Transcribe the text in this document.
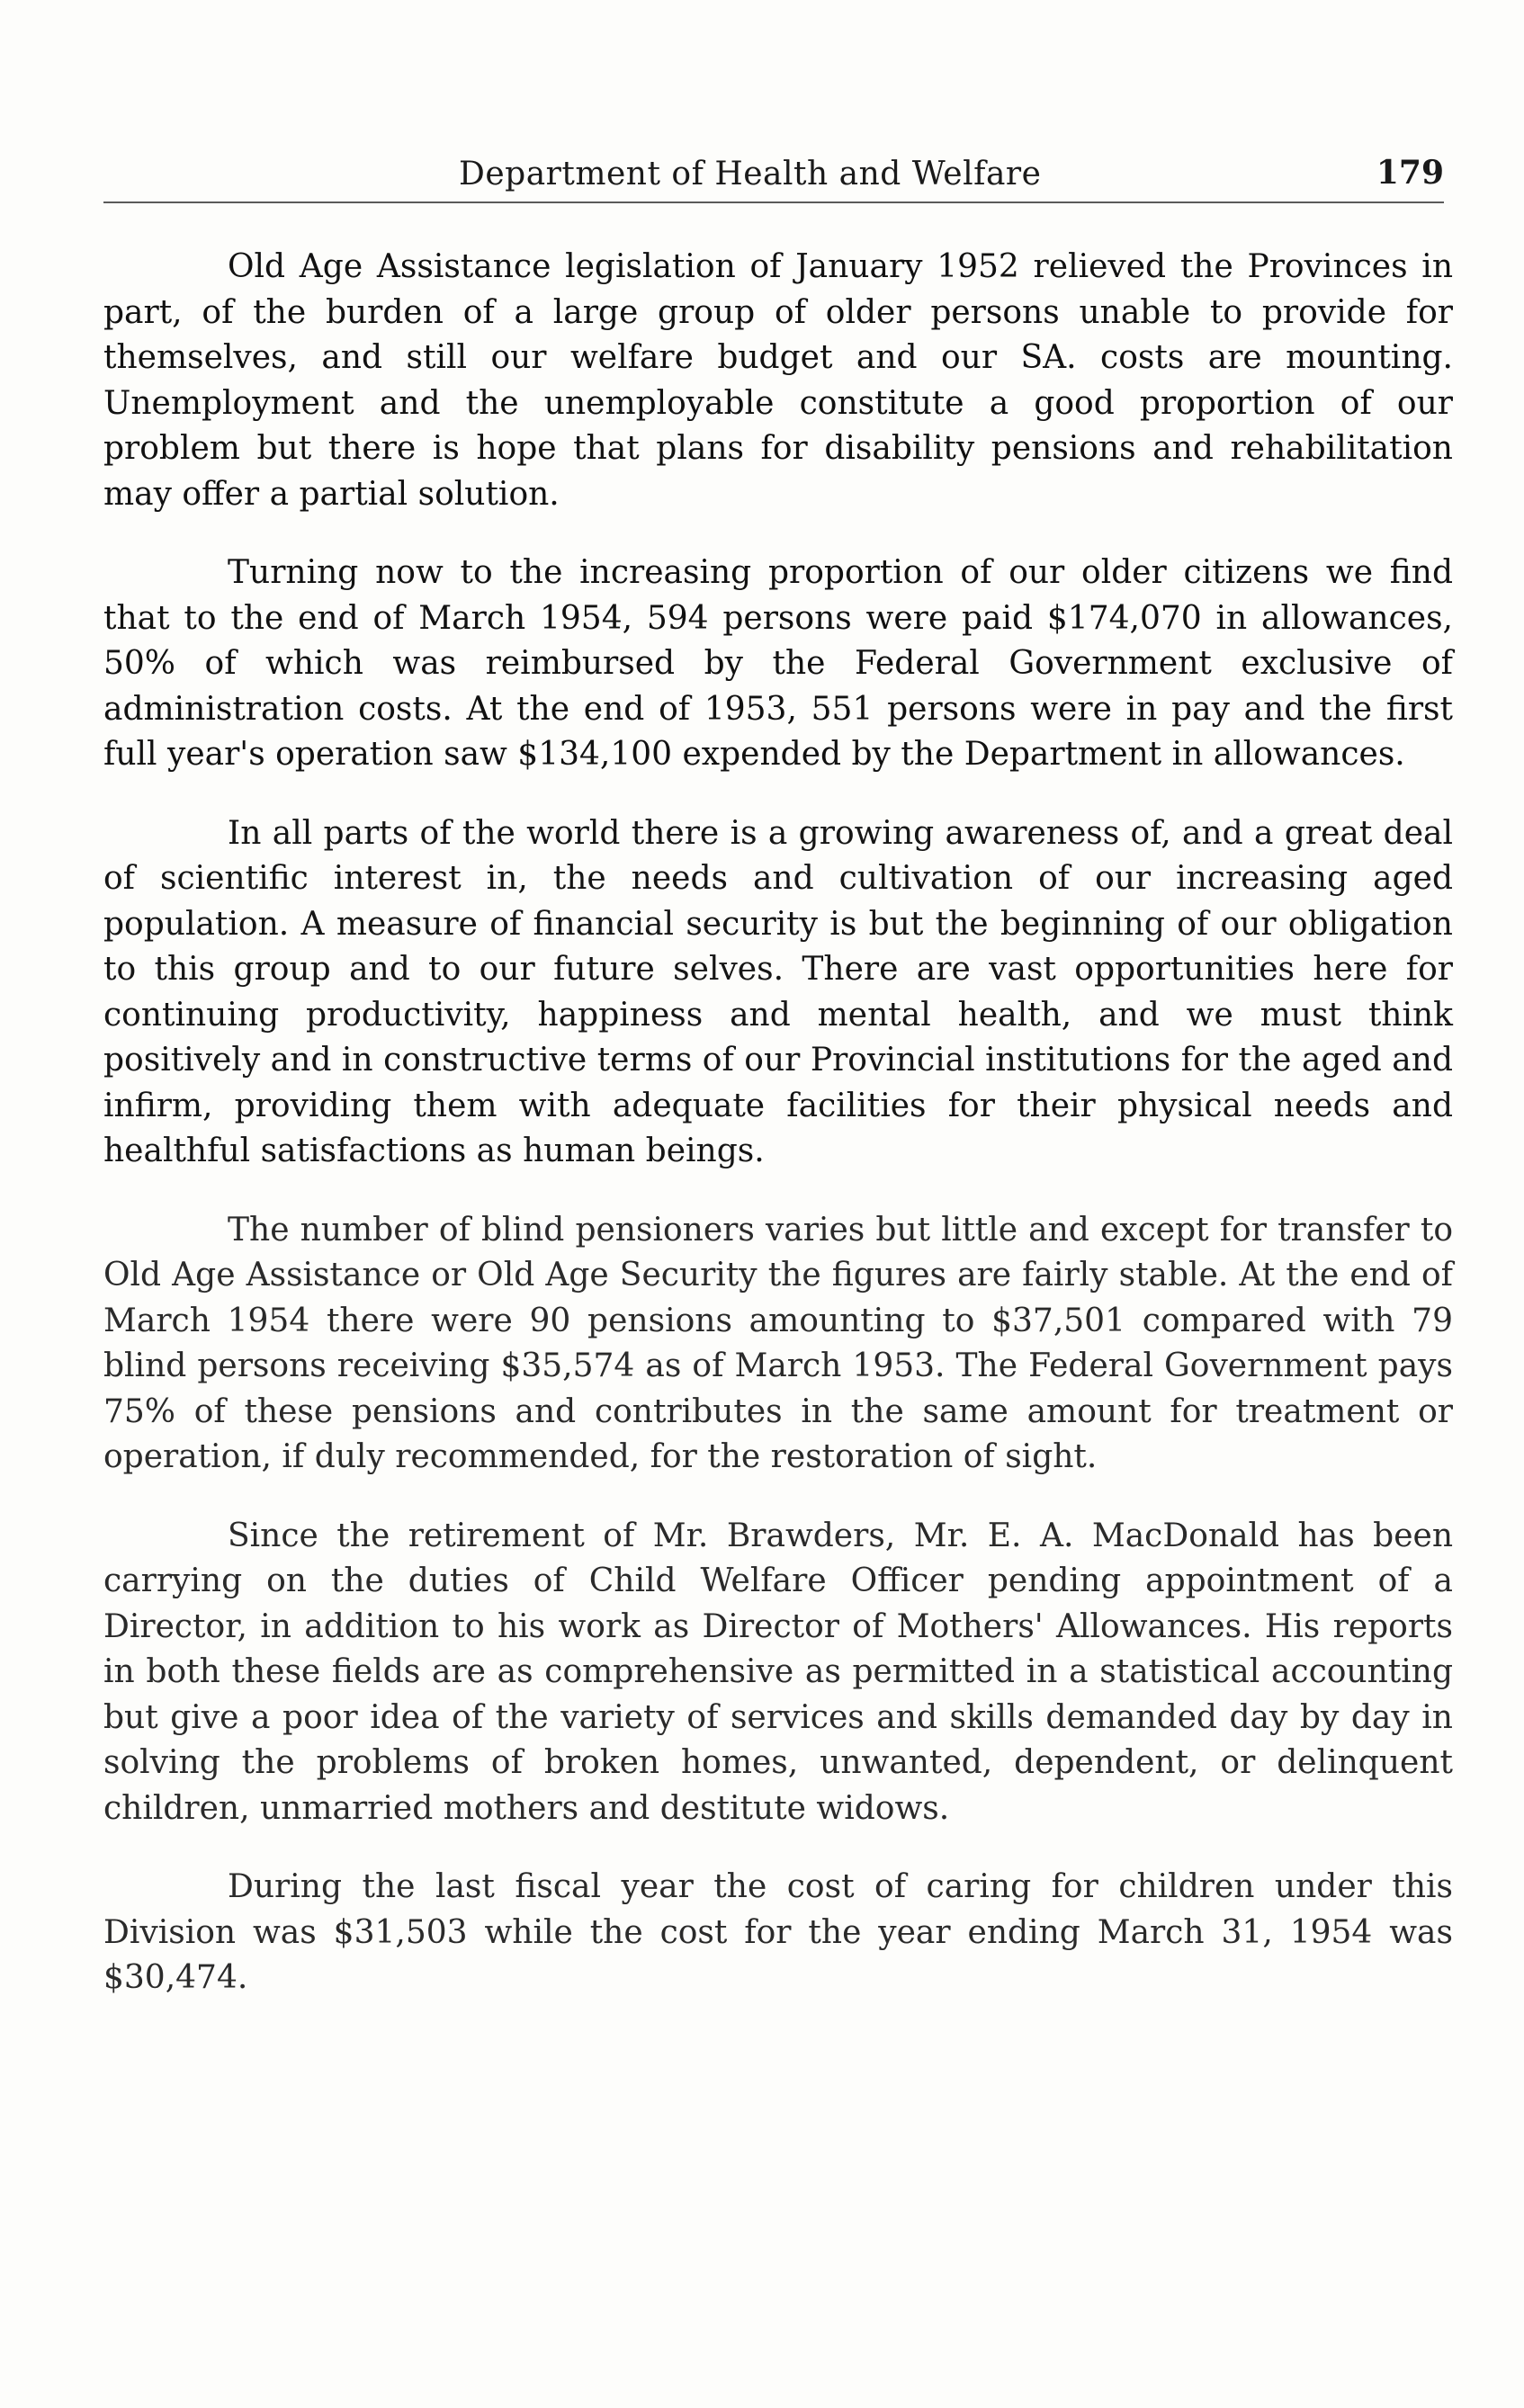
Department of Health and Welfare	179

Old Age Assistance legislation of January 1952 relieved the Provinces in part, of the burden of a large group of older persons unable to provide for themselves, and still our welfare budget and our SA. costs are mounting. Unemployment and the unemployable constitute a good proportion of our problem but there is hope that plans for disability pensions and rehabilitation may offer a partial solution.

Turning now to the increasing proportion of our older citizens we find that to the end of March 1954, 594 persons were paid $174,070 in allowances, 50% of which was reimbursed by the Federal Government exclusive of administration costs. At the end of 1953, 551 persons were in pay and the first full year's operation saw $134,100 expended by the Department in allowances.

In all parts of the world there is a growing awareness of, and a great deal of scientific interest in, the needs and cultivation of our increasing aged population. A measure of financial security is but the beginning of our obligation to this group and to our future selves. There are vast opportunities here for continuing productivity, happiness and mental health, and we must think positively and in constructive terms of our Provincial institutions for the aged and infirm, providing them with adequate facilities for their physical needs and healthful satisfactions as human beings.

The number of blind pensioners varies but little and except for transfer to Old Age Assistance or Old Age Security the figures are fairly stable. At the end of March 1954 there were 90 pensions amounting to $37,501 compared with 79 blind persons receiving $35,574 as of March 1953. The Federal Government pays 75% of these pensions and contributes in the same amount for treatment or operation, if duly recommended, for the restoration of sight.

Since the retirement of Mr. Brawders, Mr. E. A. MacDonald has been carrying on the duties of Child Welfare Officer pending appointment of a Director, in addition to his work as Director of Mothers' Allowances. His reports in both these fields are as comprehensive as permitted in a statistical accounting but give a poor idea of the variety of services and skills demanded day by day in solving the problems of broken homes, unwanted, dependent, or delinquent children, unmarried mothers and destitute widows.

During the last fiscal year the cost of caring for children under this Division was $31,503 while the cost for the year ending March 31, 1954 was $30,474.
